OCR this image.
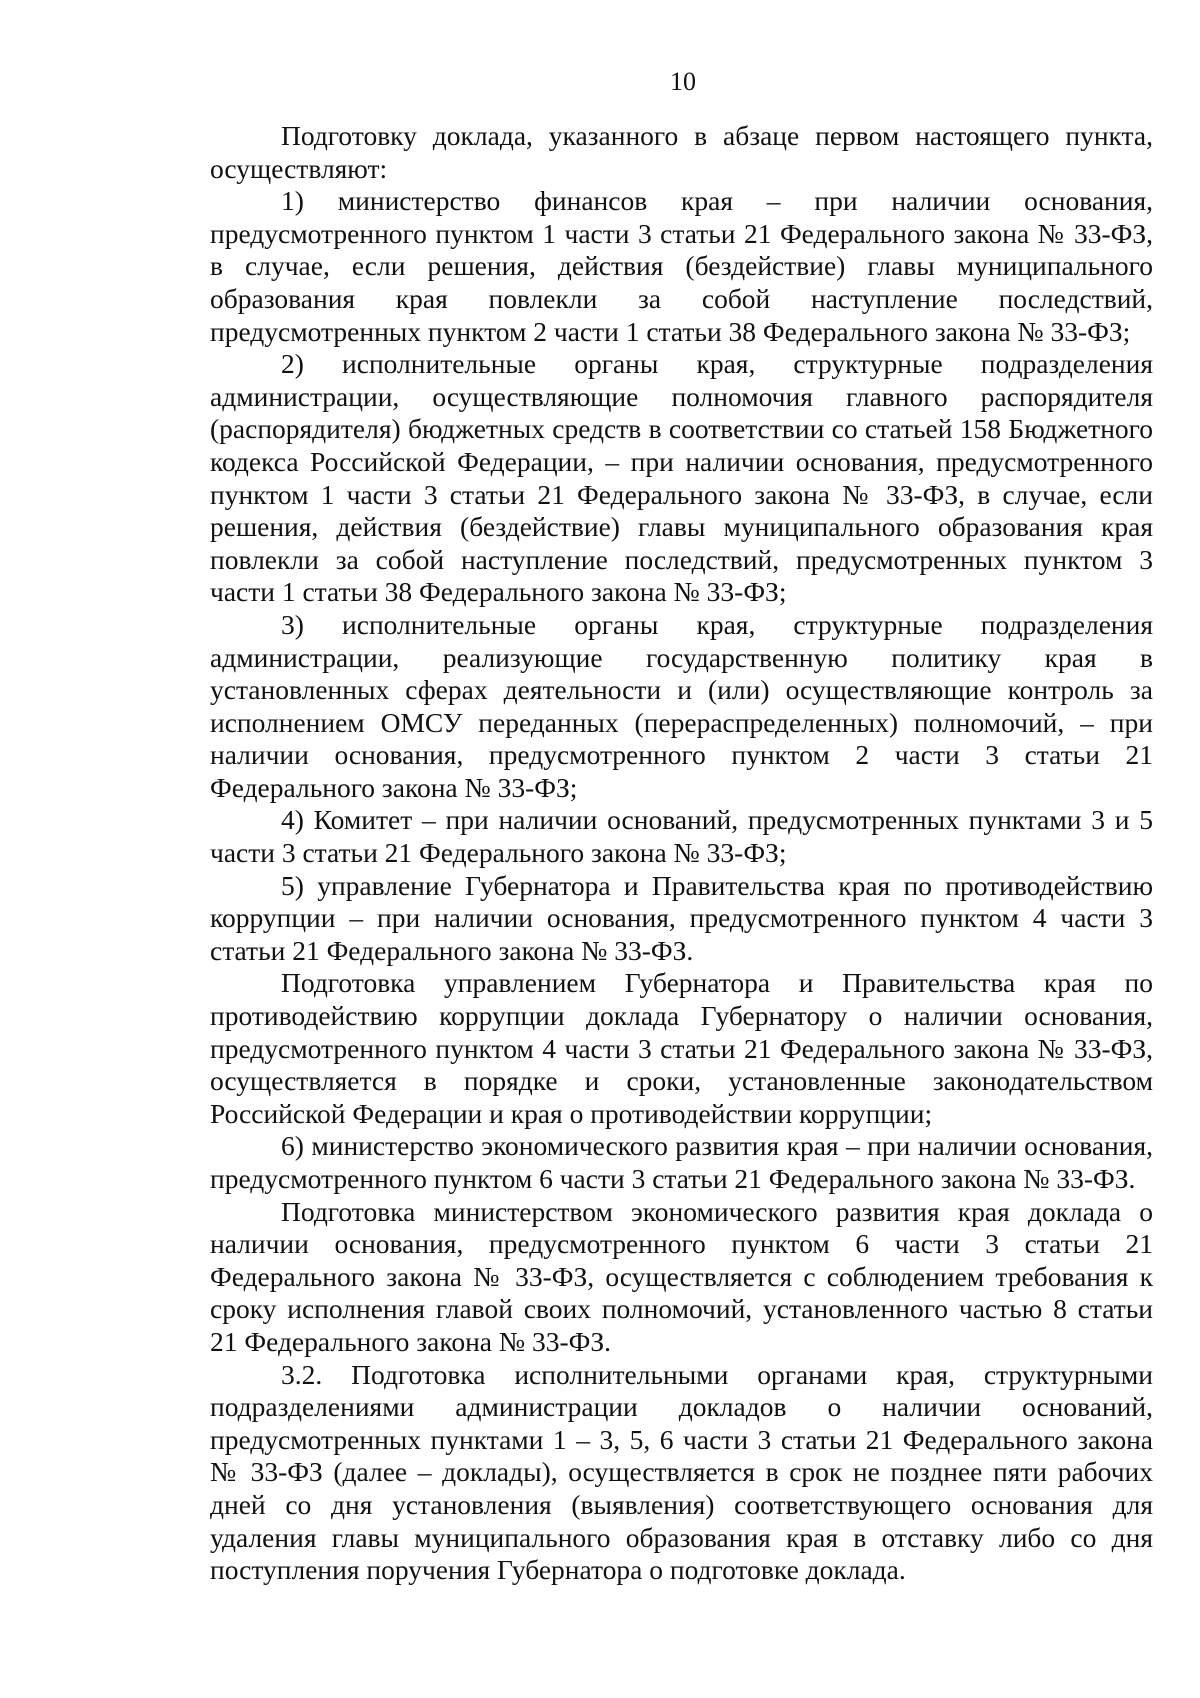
10

Подготовку доклада, указанного в абзаце первом настоящего пункта, осуществляют:

1) министерство финансов края – при наличии основания, предусмотренного пунктом 1 части 3 статьи 21 Федерального закона № 33-ФЗ, в случае, если решения, действия (бездействие) главы муниципального образования края повлекли за собой наступление последствий, предусмотренных пунктом 2 части 1 статьи 38 Федерального закона № 33-ФЗ;

2) исполнительные органы края, структурные подразделения администрации, осуществляющие полномочия главного распорядителя (распорядителя) бюджетных средств в соответствии со статьей 158 Бюджетного кодекса Российской Федерации, – при наличии основания, предусмотренного пунктом 1 части 3 статьи 21 Федерального закона № 33-ФЗ, в случае, если решения, действия (бездействие) главы муниципального образования края повлекли за собой наступление последствий, предусмотренных пунктом 3 части 1 статьи 38 Федерального закона № 33-ФЗ;

3) исполнительные органы края, структурные подразделения администрации, реализующие государственную политику края в установленных сферах деятельности и (или) осуществляющие контроль за исполнением ОМСУ переданных (перераспределенных) полномочий, – при наличии основания, предусмотренного пунктом 2 части 3 статьи 21 Федерального закона № 33-ФЗ;

4) Комитет – при наличии оснований, предусмотренных пунктами 3 и 5 части 3 статьи 21 Федерального закона № 33-ФЗ;

5) управление Губернатора и Правительства края по противодействию коррупции – при наличии основания, предусмотренного пунктом 4 части 3 статьи 21 Федерального закона № 33-ФЗ.

Подготовка управлением Губернатора и Правительства края по противодействию коррупции доклада Губернатору о наличии основания, предусмотренного пунктом 4 части 3 статьи 21 Федерального закона № 33-ФЗ, осуществляется в порядке и сроки, установленные законодательством Российской Федерации и края о противодействии коррупции;

6) министерство экономического развития края – при наличии основания, предусмотренного пунктом 6 части 3 статьи 21 Федерального закона № 33-ФЗ.

Подготовка министерством экономического развития края доклада о наличии основания, предусмотренного пунктом 6 части 3 статьи 21 Федерального закона № 33-ФЗ, осуществляется с соблюдением требования к сроку исполнения главой своих полномочий, установленного частью 8 статьи 21 Федерального закона № 33-ФЗ.

3.2. Подготовка исполнительными органами края, структурными подразделениями администрации докладов о наличии оснований, предусмотренных пунктами 1 – 3, 5, 6 части 3 статьи 21 Федерального закона № 33-ФЗ (далее – доклады), осуществляется в срок не позднее пяти рабочих дней со дня установления (выявления) соответствующего основания для удаления главы муниципального образования края в отставку либо со дня поступления поручения Губернатора о подготовке доклада.
